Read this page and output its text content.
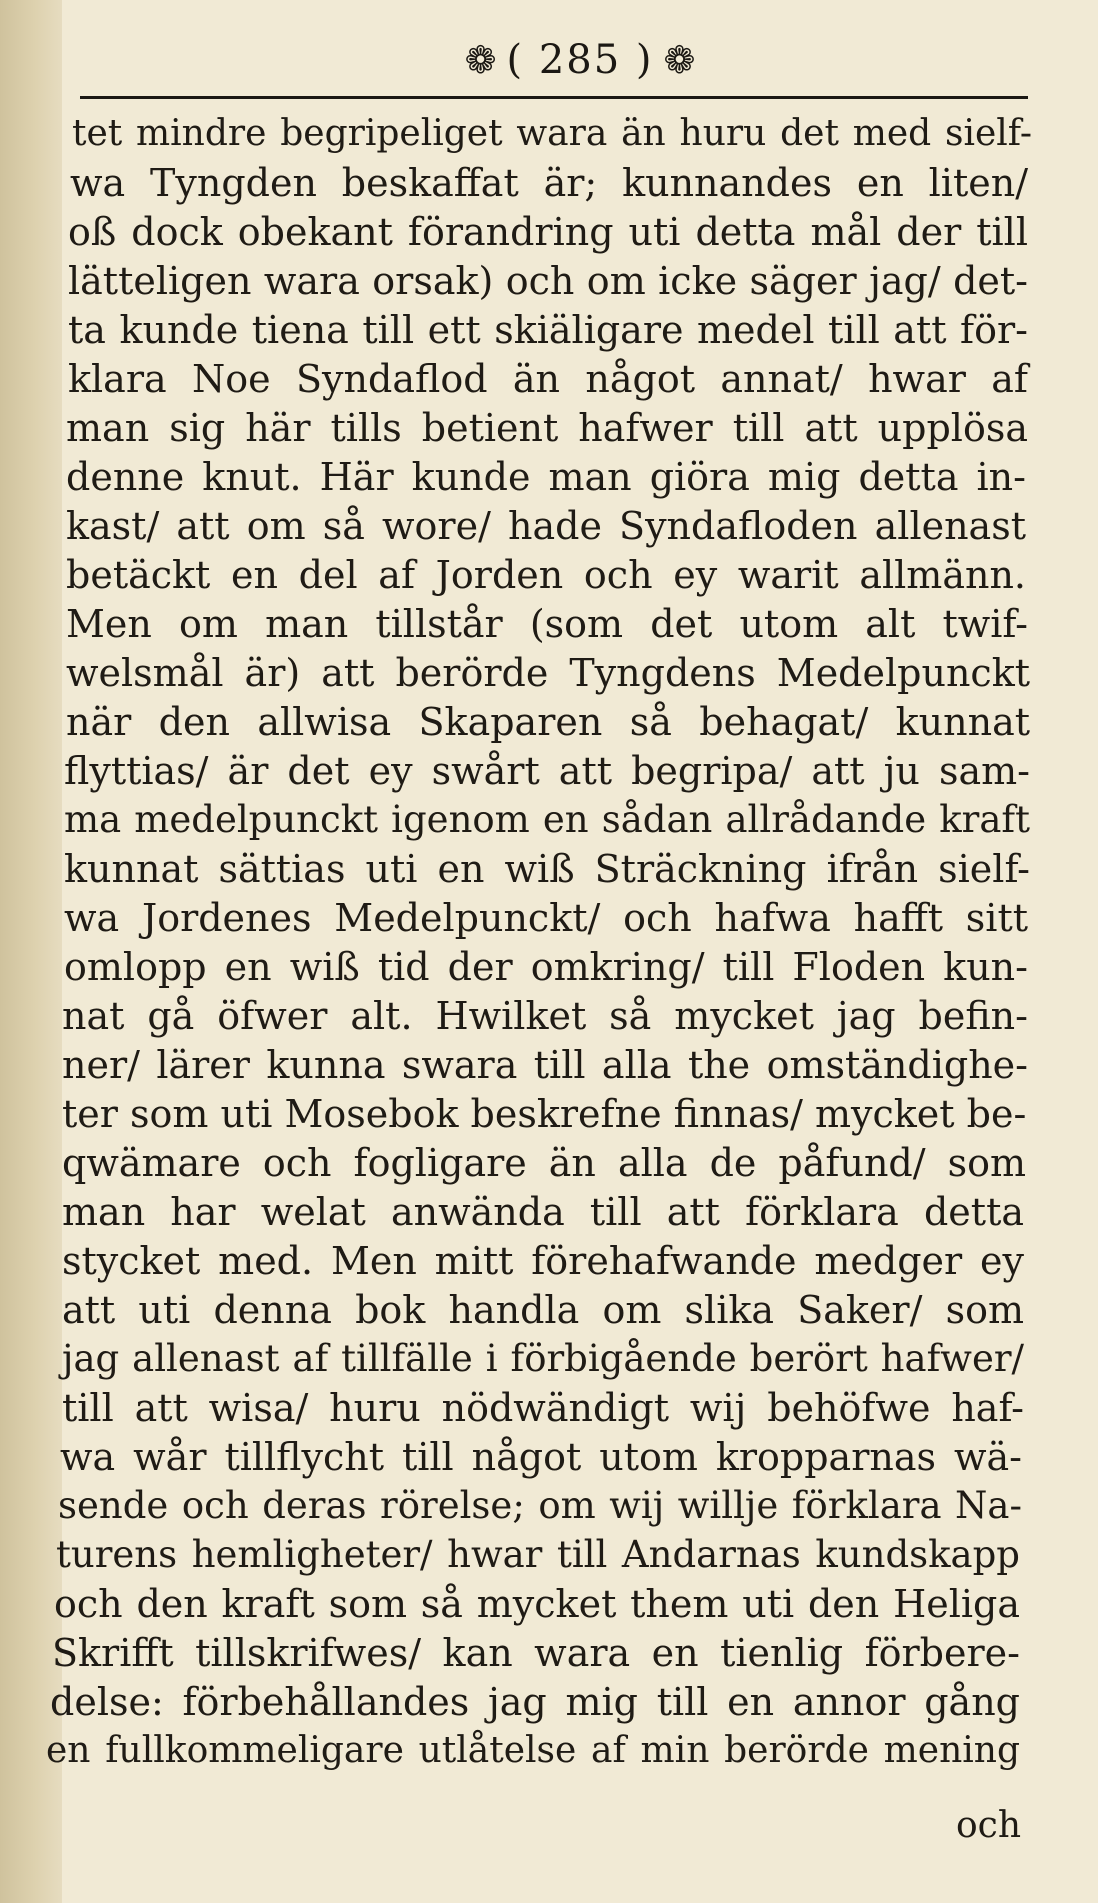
❁ ( 285 ) ❁
tet mindre begripeliget wara än huru det med sielf-
wa Tyngden beskaffat är; kunnandes en liten/
oß dock obekant förandring uti detta mål der till
lätteligen wara orsak) och om icke säger jag/ det-
ta kunde tiena till ett skiäligare medel till att för-
klara Noe Syndaflod än något annat/ hwar af
man sig här tills betient hafwer till att upplösa
denne knut. Här kunde man giöra mig detta in-
kast/ att om så wore/ hade Syndafloden allenast
betäckt en del af Jorden och ey warit allmänn.
Men om man tillstår (som det utom alt twif-
welsmål är) att berörde Tyngdens Medelpunckt
när den allwisa Skaparen så behagat/ kunnat
flyttias/ är det ey swårt att begripa/ att ju sam-
ma medelpunckt igenom en sådan allrådande kraft
kunnat sättias uti en wiß Sträckning ifrån sielf-
wa Jordenes Medelpunckt/ och hafwa hafft sitt
omlopp en wiß tid der omkring/ till Floden kun-
nat gå öfwer alt. Hwilket så mycket jag befin-
ner/ lärer kunna swara till alla the omständighe-
ter som uti Mosebok beskrefne finnas/ mycket be-
qwämare och fogligare än alla de påfund/ som
man har welat anwända till att förklara detta
stycket med. Men mitt förehafwande medger ey
att uti denna bok handla om slika Saker/ som
jag allenast af tillfälle i förbigående berört hafwer/
till att wisa/ huru nödwändigt wij behöfwe haf-
wa wår tillflycht till något utom kropparnas wä-
sende och deras rörelse; om wij willje förklara Na-
turens hemligheter/ hwar till Andarnas kundskapp
och den kraft som så mycket them uti den Heliga
Skrifft tillskrifwes/ kan wara en tienlig förbere-
delse: förbehållandes jag mig till en annor gång
en fullkommeligare utlåtelse af min berörde mening
och
